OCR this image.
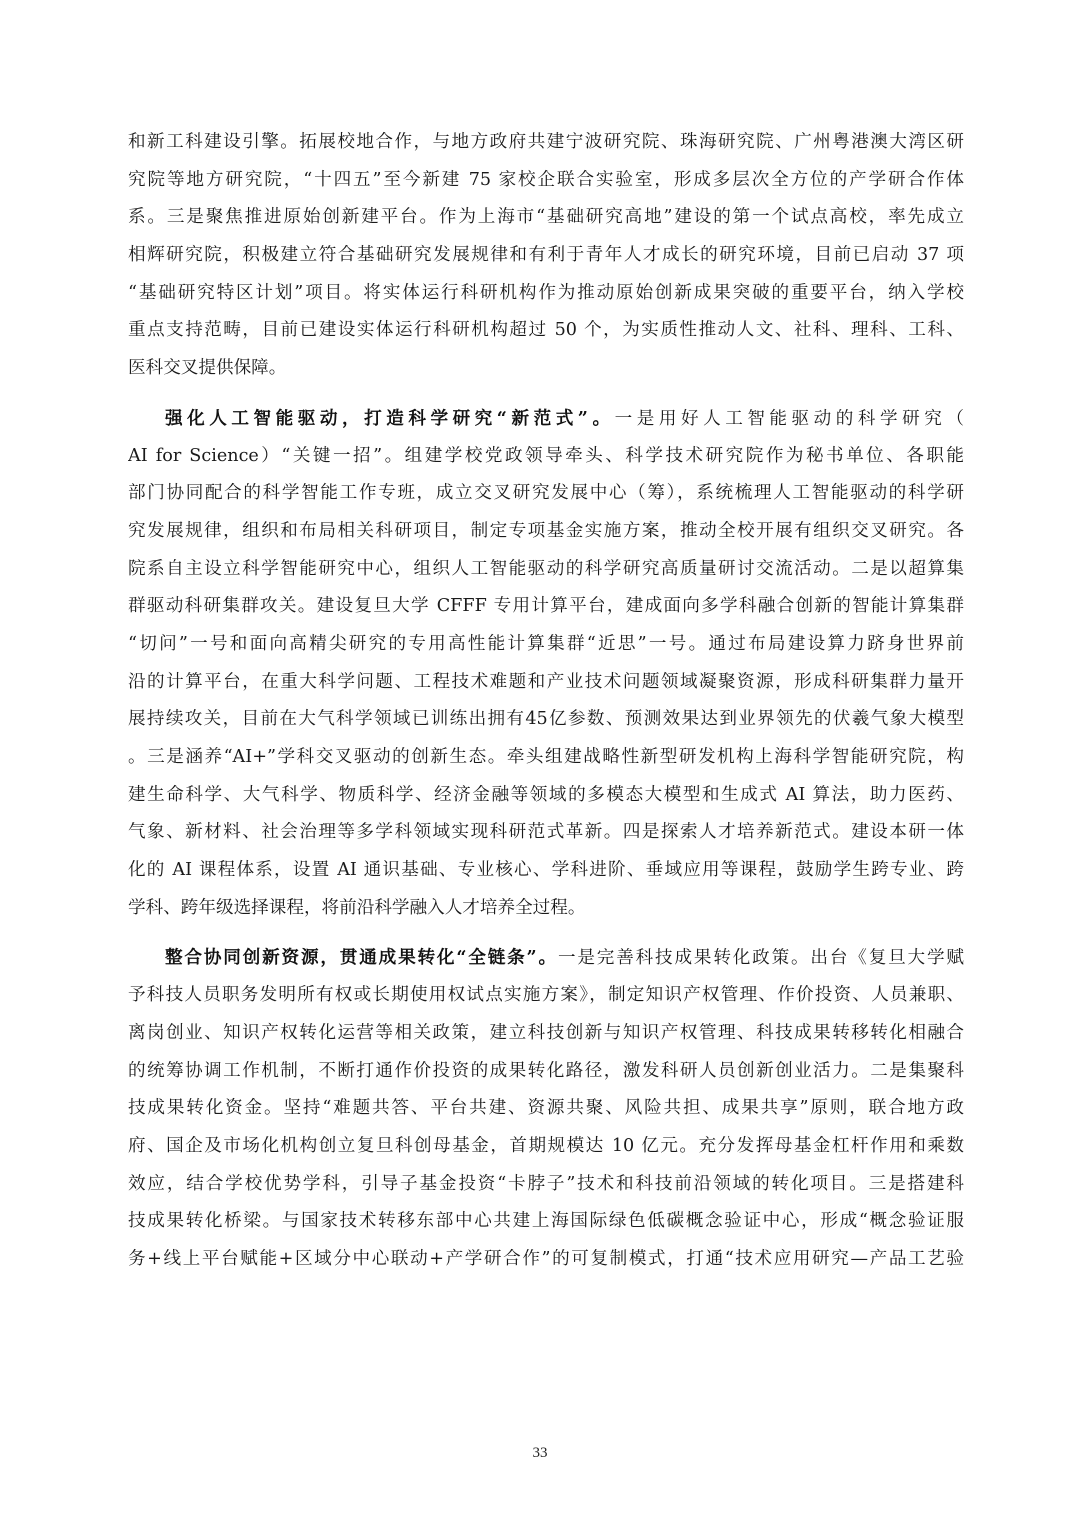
和新工科建设引擎。拓展校地合作，与地方政府共建宁波研究院、珠海研究院、广州粤港澳大湾区研
究院等地方研究院，“十四五”至今新建 75 家校企联合实验室，形成多层次全方位的产学研合作体
系。三是聚焦推进原始创新建平台。作为上海市“基础研究高地”建设的第一个试点高校，率先成立
相辉研究院，积极建立符合基础研究发展规律和有利于青年人才成长的研究环境，目前已启动 37 项
“基础研究特区计划”项目。将实体运行科研机构作为推动原始创新成果突破的重要平台，纳入学校
重点支持范畴，目前已建设实体运行科研机构超过 50 个，为实质性推动人文、社科、理科、工科、
医科交叉提供保障。
强化人工智能驱动，打造科学研究“新范式”。一是用好人工智能驱动的科学研究（
AI for Science）“关键一招”。组建学校党政领导牵头、科学技术研究院作为秘书单位、各职能
部门协同配合的科学智能工作专班，成立交叉研究发展中心（筹），系统梳理人工智能驱动的科学研
究发展规律，组织和布局相关科研项目，制定专项基金实施方案，推动全校开展有组织交叉研究。各
院系自主设立科学智能研究中心，组织人工智能驱动的科学研究高质量研讨交流活动。二是以超算集
群驱动科研集群攻关。建设复旦大学 CFFF 专用计算平台，建成面向多学科融合创新的智能计算集群
“切问”一号和面向高精尖研究的专用高性能计算集群“近思”一号。通过布局建设算力跻身世界前
沿的计算平台，在重大科学问题、工程技术难题和产业技术问题领域凝聚资源，形成科研集群力量开
展持续攻关，目前在大气科学领域已训练出拥有45亿参数、预测效果达到业界领先的伏羲气象大模型
。三是涵养“AI+”学科交叉驱动的创新生态。牵头组建战略性新型研发机构上海科学智能研究院，构
建生命科学、大气科学、物质科学、经济金融等领域的多模态大模型和生成式 AI 算法，助力医药、
气象、新材料、社会治理等多学科领域实现科研范式革新。四是探索人才培养新范式。建设本研一体
化的 AI 课程体系，设置 AI 通识基础、专业核心、学科进阶、垂域应用等课程，鼓励学生跨专业、跨
学科、跨年级选择课程，将前沿科学融入人才培养全过程。
整合协同创新资源，贯通成果转化“全链条”。一是完善科技成果转化政策。出台《复旦大学赋
予科技人员职务发明所有权或长期使用权试点实施方案》，制定知识产权管理、作价投资、人员兼职、
离岗创业、知识产权转化运营等相关政策，建立科技创新与知识产权管理、科技成果转移转化相融合
的统筹协调工作机制，不断打通作价投资的成果转化路径，激发科研人员创新创业活力。二是集聚科
技成果转化资金。坚持“难题共答、平台共建、资源共聚、风险共担、成果共享”原则，联合地方政
府、国企及市场化机构创立复旦科创母基金，首期规模达 10 亿元。充分发挥母基金杠杆作用和乘数
效应，结合学校优势学科，引导子基金投资“卡脖子”技术和科技前沿领域的转化项目。三是搭建科
技成果转化桥梁。与国家技术转移东部中心共建上海国际绿色低碳概念验证中心，形成“概念验证服
务+线上平台赋能+区域分中心联动+产学研合作”的可复制模式，打通“技术应用研究—产品工艺验
33
